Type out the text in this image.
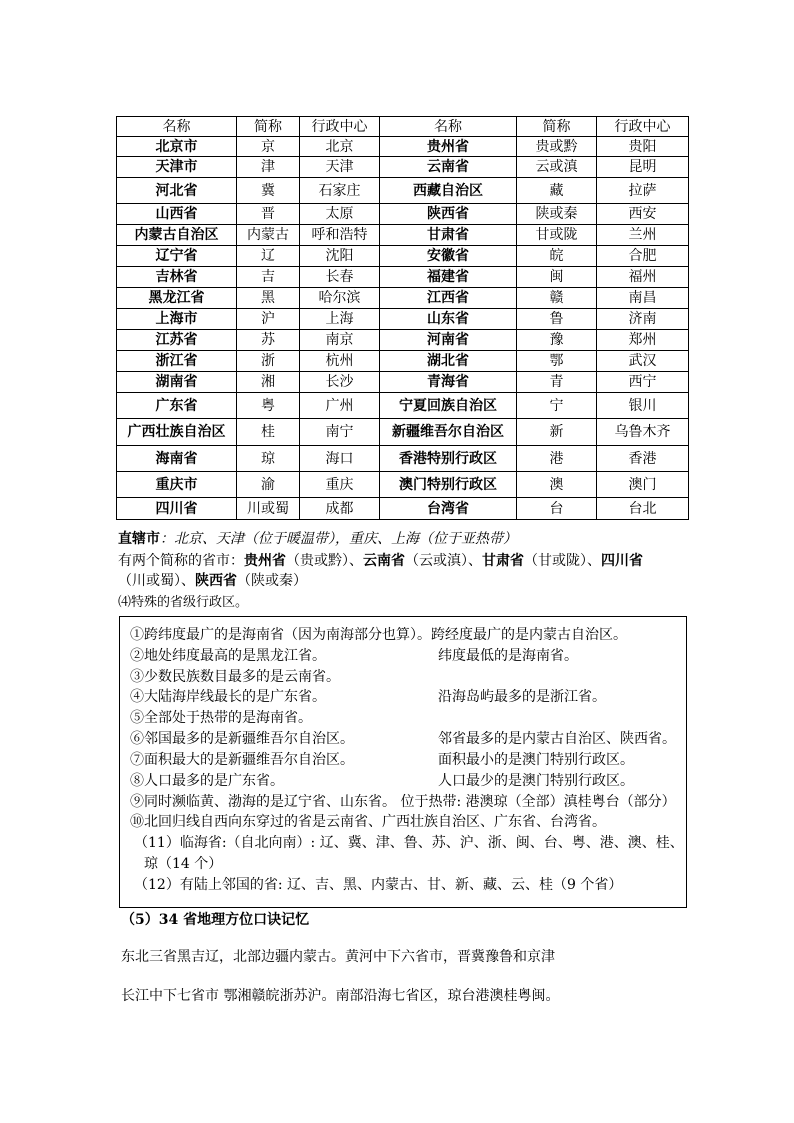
名称	简称	行政中心	名称	简称	行政中心
北京市	京	北京	贵州省	贵或黔	贵阳
天津市	津	天津	云南省	云或滇	昆明
河北省	冀	石家庄	西藏自治区	藏	拉萨
山西省	晋	太原	陕西省	陕或秦	西安
内蒙古自治区	内蒙古	呼和浩特	甘肃省	甘或陇	兰州
辽宁省	辽	沈阳	安徽省	皖	合肥
吉林省	吉	长春	福建省	闽	福州
黑龙江省	黑	哈尔滨	江西省	赣	南昌
上海市	沪	上海	山东省	鲁	济南
江苏省	苏	南京	河南省	豫	郑州
浙江省	浙	杭州	湖北省	鄂	武汉
湖南省	湘	长沙	青海省	青	西宁
广东省	粤	广州	宁夏回族自治区	宁	银川
广西壮族自治区	桂	南宁	新疆维吾尔自治区	新	乌鲁木齐
海南省	琼	海口	香港特别行政区	港	香港
重庆市	渝	重庆	澳门特别行政区	澳	澳门
四川省	川或蜀	成都	台湾省	台	台北
直辖市：北京、天津（位于暖温带），重庆、上海（位于亚热带）
有两个简称的省市：贵州省（贵或黔）、云南省（云或滇）、甘肃省（甘或陇）、四川省
（川或蜀）、陕西省（陕或秦）
⑷特殊的省级行政区。
①跨纬度最广的是海南省（因为南海部分也算）。跨经度最广的是内蒙古自治区。
②地处纬度最高的是黑龙江省。	纬度最低的是海南省。
③少数民族数目最多的是云南省。
④大陆海岸线最长的是广东省。	沿海岛屿最多的是浙江省。
⑤全部处于热带的是海南省。
⑥邻国最多的是新疆维吾尔自治区。	邻省最多的是内蒙古自治区、陕西省。
⑦面积最大的是新疆维吾尔自治区。	面积最小的是澳门特别行政区。
⑧人口最多的是广东省。	人口最少的是澳门特别行政区。
⑨同时濒临黄、渤海的是辽宁省、山东省。 位于热带: 港澳琼（全部）滇桂粤台（部分）
⑩北回归线自西向东穿过的省是云南省、广西壮族自治区、广东省、台湾省。
（11）临海省:（自北向南）: 辽、冀、津、鲁、苏、沪、浙、闽、台、粤、港、澳、桂、
琼（14 个）
（12）有陆上邻国的省: 辽、吉、黑、内蒙古、甘、新、藏、云、桂（9 个省）
（5）34 省地理方位口诀记忆
东北三省黑吉辽，北部边疆内蒙古。黄河中下六省市，晋冀豫鲁和京津
长江中下七省市 鄂湘赣皖浙苏沪。南部沿海七省区，琼台港澳桂粤闽。
